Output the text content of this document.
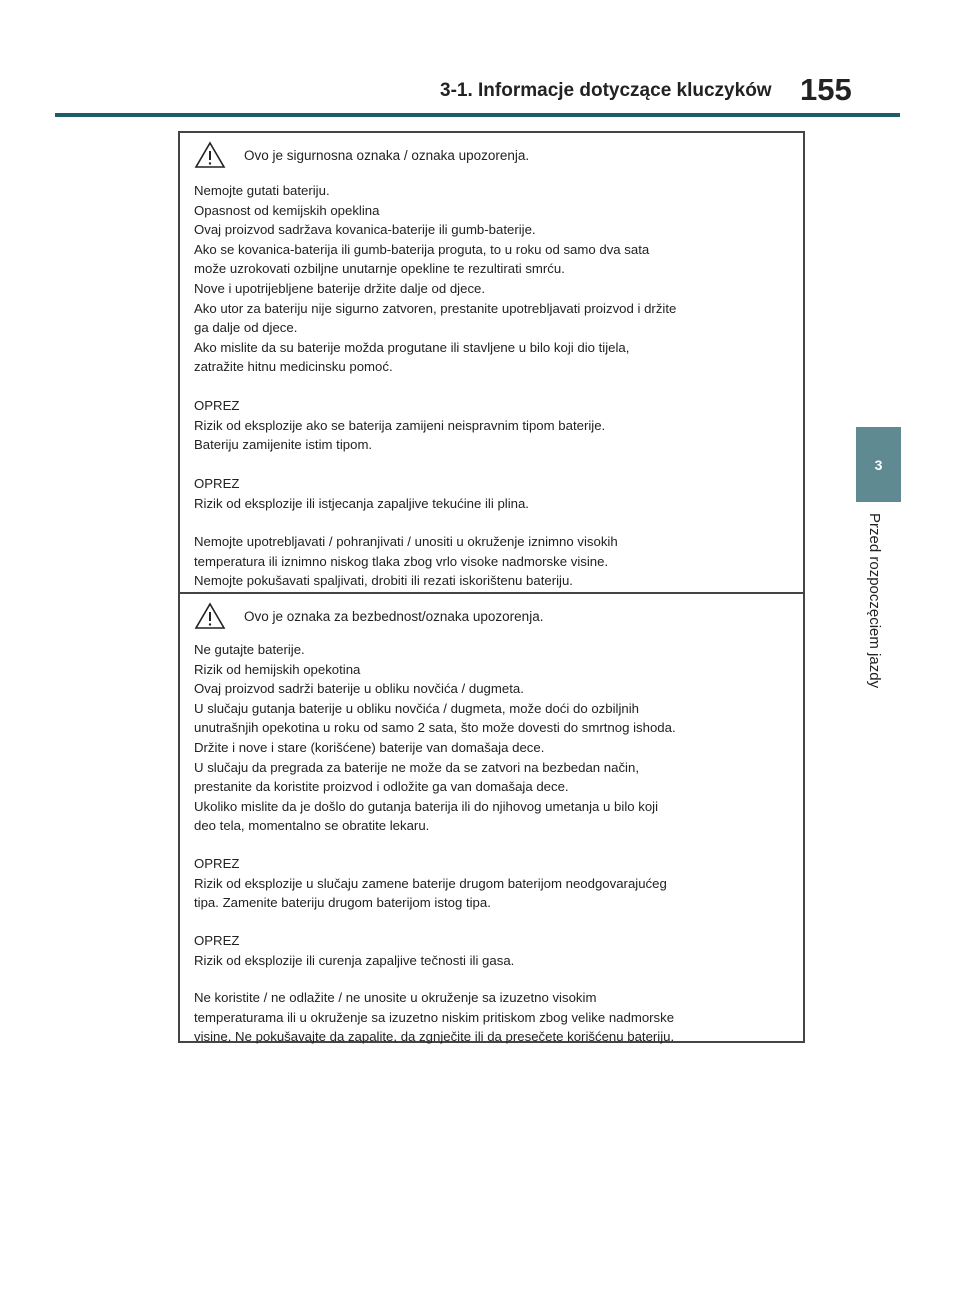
3-1. Informacje dotyczące kluczyków 155
3
Przed rozpoczęciem jazdy
Ovo je sigurnosna oznaka / oznaka upozorenja.
Nemojte gutati bateriju.
Opasnost od kemijskih opeklina
Ovaj proizvod sadržava kovanica-baterije ili gumb-baterije.
Ako se kovanica-baterija ili gumb-baterija proguta, to u roku od samo dva sata
može uzrokovati ozbiljne unutarnje opekline te rezultirati smrću.
Nove i upotrijebljene baterije držite dalje od djece.
Ako utor za bateriju nije sigurno zatvoren, prestanite upotrebljavati proizvod i držite
ga dalje od djece.
Ako mislite da su baterije možda progutane ili stavljene u bilo koji dio tijela,
zatražite hitnu medicinsku pomoć.
OPREZ
Rizik od eksplozije ako se baterija zamijeni neispravnim tipom baterije.
Bateriju zamijenite istim tipom.
OPREZ
Rizik od eksplozije ili istjecanja zapaljive tekućine ili plina.
Nemojte upotrebljavati / pohranjivati / unositi u okruženje iznimno visokih
temperatura ili iznimno niskog tlaka zbog vrlo visoke nadmorske visine.
Nemojte pokušavati spaljivati, drobiti ili rezati iskorištenu bateriju.
Ovo je oznaka za bezbednost/oznaka upozorenja.
Ne gutajte baterije.
Rizik od hemijskih opekotina
Ovaj proizvod sadrži baterije u obliku novčića / dugmeta.
U slučaju gutanja baterije u obliku novčića / dugmeta, može doći do ozbiljnih
unutrašnjih opekotina u roku od samo 2 sata, što može dovesti do smrtnog ishoda.
Držite i nove i stare (korišćene) baterije van domašaja dece.
U slučaju da pregrada za baterije ne može da se zatvori na bezbedan način,
prestanite da koristite proizvod i odložite ga van domašaja dece.
Ukoliko mislite da je došlo do gutanja baterija ili do njihovog umetanja u bilo koji
deo tela, momentalno se obratite lekaru.
OPREZ
Rizik od eksplozije u slučaju zamene baterije drugom baterijom neodgovarajućeg
tipa. Zamenite bateriju drugom baterijom istog tipa.
OPREZ
Rizik od eksplozije ili curenja zapaljive tečnosti ili gasa.
Ne koristite / ne odlažite / ne unosite u okruženje sa izuzetno visokim
temperaturama ili u okruženje sa izuzetno niskim pritiskom zbog velike nadmorske
visine. Ne pokušavajte da zapalite, da zgnječite ili da presečete korišćenu bateriju.
